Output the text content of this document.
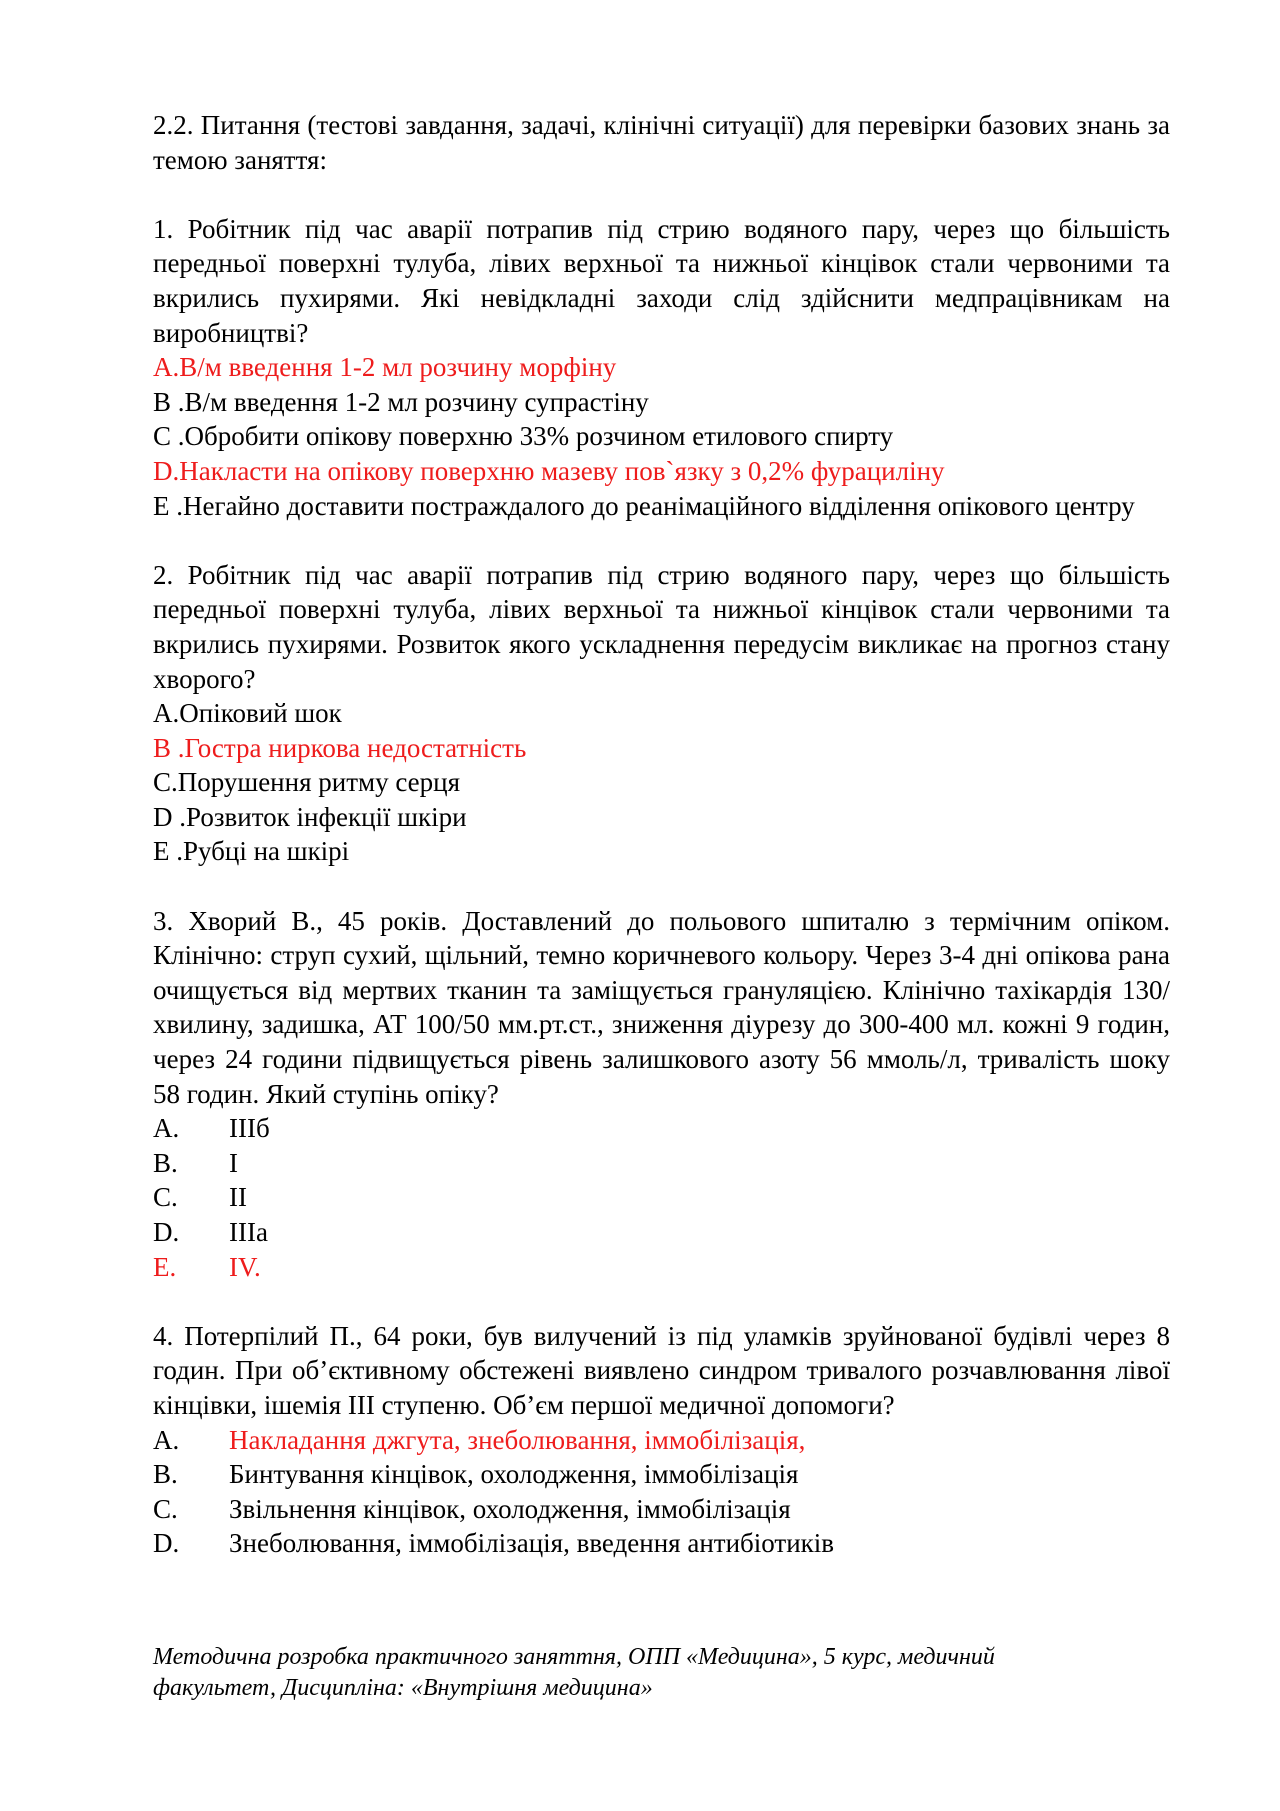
2.2. Питання (тестові завдання, задачі, клінічні ситуації) для перевірки базових знань за темою заняття:

1. Робітник під час аварії потрапив під стрию водяного пару, через що більшість передньої поверхні тулуба, лівих верхньої та нижньої кінцівок стали червоними та вкрились пухирями. Які невідкладні заходи слід здійснити медпрацівникам на виробництві?

A.В/м введення 1-2 мл розчину морфіну

B .В/м введення 1-2 мл розчину супрастіну

C .Обробити опікову поверхню 33% розчином етилового спирту

D.Накласти на опікову поверхню мазеву пов`язку з 0,2% фурациліну

E .Негайно доставити постраждалого до реанімаційного відділення опікового центру

2. Робітник під час аварії потрапив під стрию водяного пару, через що більшість передньої поверхні тулуба, лівих верхньої та нижньої кінцівок стали червоними та вкрились пухирями. Розвиток якого ускладнення передусім викликає на прогноз стану хворого?

A.Опіковий шок

B .Гостра ниркова недостатність

C.Порушення ритму серця

D .Розвиток інфекції шкіри

E .Рубці на шкірі

3. Хворий В., 45 років. Доставлений до польового шпиталю з термічним опіком. Клінічно: струп сухий, щільний, темно коричневого кольору. Через 3-4 дні опікова рана очищується від мертвих тканин та заміщується грануляцією. Клінічно тахікардія 130/хвилину, задишка, АТ 100/50 мм.рт.ст., зниження діурезу до 300-400 мл. кожні 9 годин, через 24 години підвищується рівень залишкового азоту 56 ммоль/л, тривалість шоку 58 годин. Який ступінь опіку?

A.	IIIб
B.	I
C.	II
D.	IIIа
E.	IV.

4. Потерпілий П., 64 роки, був вилучений із під уламків зруйнованої будівлі через 8 годин. При об’єктивному обстежені виявлено синдром тривалого розчавлювання лівої кінцівки, ішемія III ступеню. Об’єм першої медичної допомоги?

A.	Накладання джгута, знеболювання, іммобілізація,
B.	Бинтування кінцівок, охолодження, іммобілізація
C.	Звільнення кінцівок, охолодження, іммобілізація
D.	Знеболювання, іммобілізація, введення антибіотиків
Методична розробка практичного заняттня, ОПП «Медицина», 5 курс, медичний
факультет, Дисципліна: «Внутрішня медицина»
